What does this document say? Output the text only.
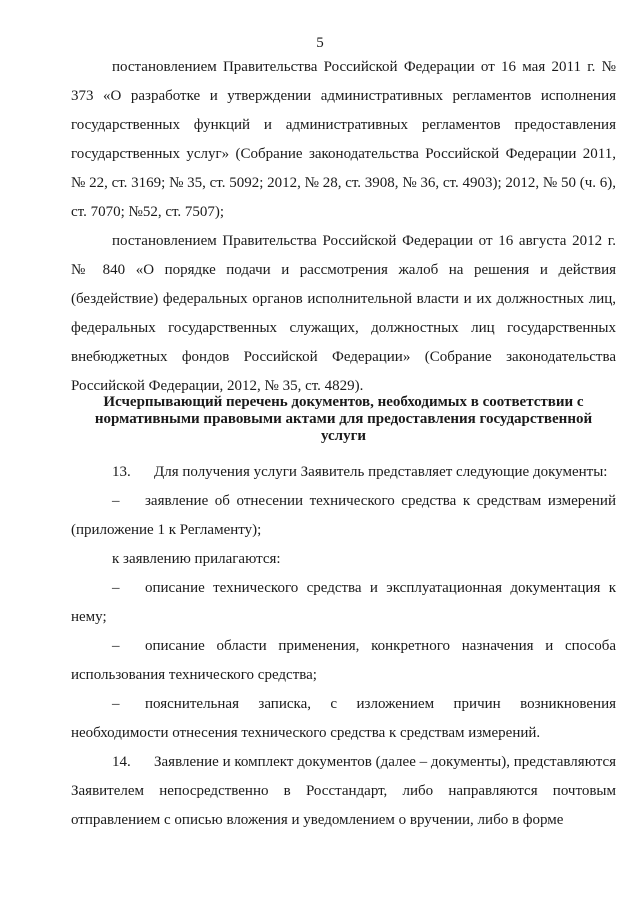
5

постановлением Правительства Российской Федерации от 16 мая 2011 г. № 373 «О разработке и утверждении административных регламентов исполнения государственных функций и административных регламентов предоставления государственных услуг» (Собрание законодательства Российской Федерации 2011, № 22, ст. 3169; № 35, ст. 5092; 2012, № 28, ст. 3908, № 36, ст. 4903); 2012, № 50 (ч. 6), ст. 7070; №52, ст. 7507);

постановлением Правительства Российской Федерации от 16 августа 2012 г. № 840 «О порядке подачи и рассмотрения жалоб на решения и действия (бездействие) федеральных органов исполнительной власти и их должностных лиц, федеральных государственных служащих, должностных лиц государственных внебюджетных фондов Российской Федерации» (Собрание законодательства Российской Федерации, 2012, № 35, ст. 4829).

Исчерпывающий перечень документов, необходимых в соответствии с
нормативными правовыми актами для предоставления государственной
услуги

13. Для получения услуги Заявитель представляет следующие документы:

– заявление об отнесении технического средства к средствам измерений (приложение 1 к Регламенту);

к заявлению прилагаются:

– описание технического средства и эксплуатационная документация к нему;

– описание области применения, конкретного назначения и способа использования технического средства;

– пояснительная записка, с изложением причин возникновения необходимости отнесения технического средства к средствам измерений.

14. Заявление и комплект документов (далее – документы), представляются Заявителем непосредственно в Росстандарт, либо направляются почтовым отправлением с описью вложения и уведомлением о вручении, либо в форме
